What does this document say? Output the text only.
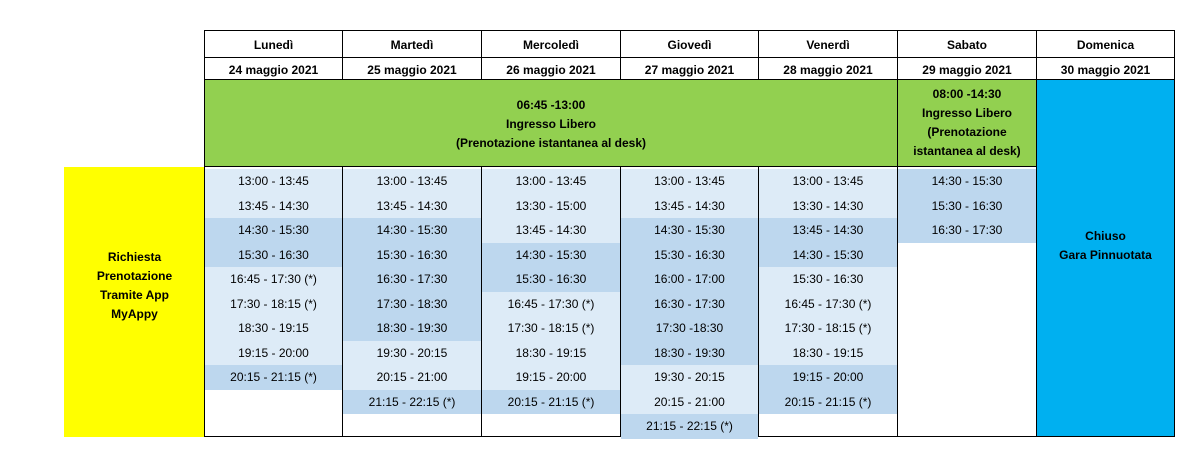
Lunedì
24 maggio 2021
Martedì
25 maggio 2021
Mercoledì
26 maggio 2021
Giovedì
27 maggio 2021
Venerdì
28 maggio 2021
Sabato
29 maggio 2021
Domenica
30 maggio 2021
06:45 -13:00
Ingresso Libero
(Prenotazione istantanea al desk)
08:00 -14:30
Ingresso Libero
(Prenotazione
istantanea al desk)
Richiesta
Prenotazione
Tramite App
MyAppy
Chiuso
Gara Pinnuotata
13:00 - 13:45
13:45 - 14:30
14:30 - 15:30
15:30 - 16:30
16:45 - 17:30 (*)
17:30 - 18:15 (*)
18:30 - 19:15
19:15 - 20:00
20:15 - 21:15 (*)
13:00 - 13:45
13:45 - 14:30
14:30 - 15:30
15:30 - 16:30
16:30 - 17:30
17:30 - 18:30
18:30 - 19:30
19:30 - 20:15
20:15 - 21:00
21:15 - 22:15 (*)
13:00 - 13:45
13:30 - 15:00
13:45 - 14:30
14:30 - 15:30
15:30 - 16:30
16:45 - 17:30 (*)
17:30 - 18:15 (*)
18:30 - 19:15
19:15 - 20:00
20:15 - 21:15 (*)
13:00 - 13:45
13:45 - 14:30
14:30 - 15:30
15:30 - 16:30
16:00 - 17:00
16:30 - 17:30
17:30 -18:30
18:30 - 19:30
19:30 - 20:15
20:15 - 21:00
21:15 - 22:15 (*)
13:00 - 13:45
13:30 - 14:30
13:45 - 14:30
14:30 - 15:30
15:30 - 16:30
16:45 - 17:30 (*)
17:30 - 18:15 (*)
18:30 - 19:15
19:15 - 20:00
20:15 - 21:15 (*)
14:30 - 15:30
15:30 - 16:30
16:30 - 17:30
